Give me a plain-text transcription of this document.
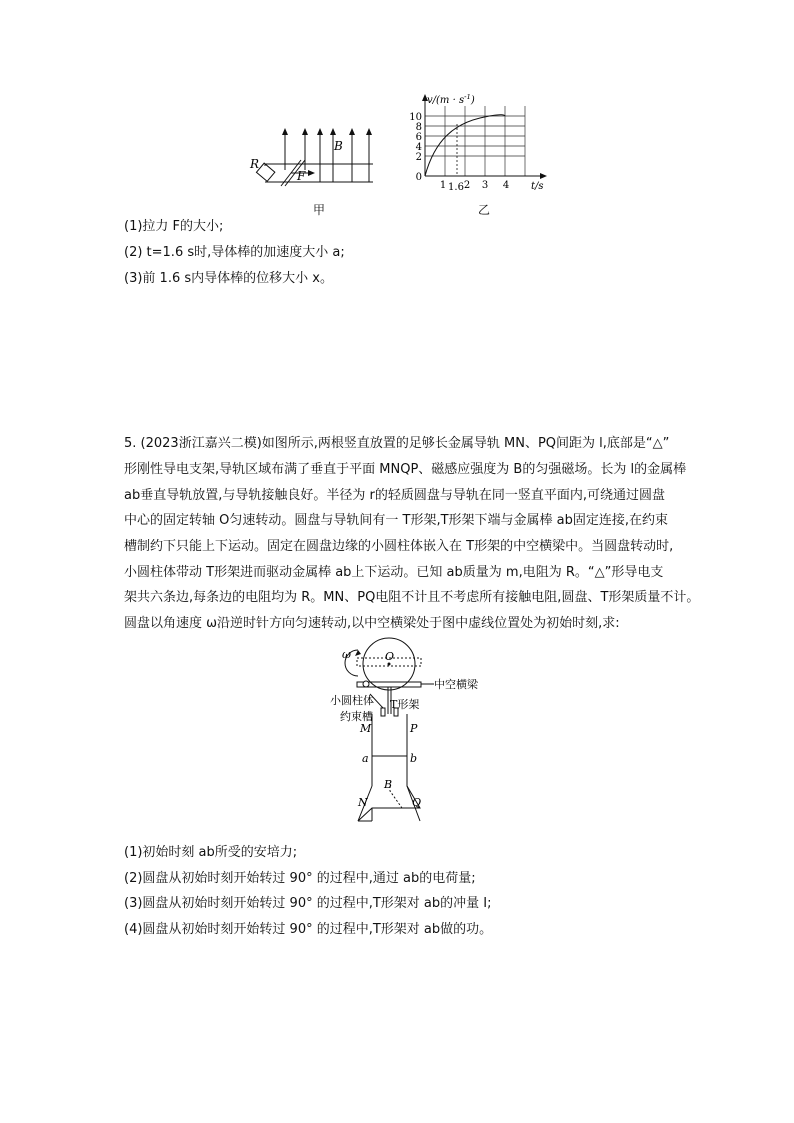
R
B
F
甲
$v/(m \cdot s^{-1})$
10
8
6
4
2
0
1 1.6 2 3 4 t/s
乙
(1)拉力 F的大小;
(2) t=1.6 s时,导体棒的加速度大小 a;
(3)前 1.6 s内导体棒的位移大小 x。
5. (2023浙江嘉兴二模)如图所示,两根竖直放置的足够长金属导轨 MN、PQ间距为 l,底部是“△”
形刚性导电支架,导轨区域布满了垂直于平面 MNQP、磁感应强度为 B的匀强磁场。长为 l的金属棒
ab垂直导轨放置,与导轨接触良好。半径为 r的轻质圆盘与导轨在同一竖直平面内,可绕通过圆盘
中心的固定转轴 O匀速转动。圆盘与导轨间有一 T形架,T形架下端与金属棒 ab固定连接,在约束
槽制约下只能上下运动。固定在圆盘边缘的小圆柱体嵌入在 T形架的中空横梁中。当圆盘转动时,
小圆柱体带动 T形架进而驱动金属棒 ab上下运动。已知 ab质量为 m,电阻为 R。“△”形导电支
架共六条边,每条边的电阻均为 R。MN、PQ电阻不计且不考虑所有接触电阻,圆盘、T形架质量不计。
圆盘以角速度 ω沿逆时针方向匀速转动,以中空横梁处于图中虚线位置处为初始时刻,求:
ω	O
中空横梁
小圆柱体
约束槽
T形架
M	P
a	b
B
N	Q
(1)初始时刻 ab所受的安培力;
(2)圆盘从初始时刻开始转过 90° 的过程中,通过 ab的电荷量;
(3)圆盘从初始时刻开始转过 90° 的过程中,T形架对 ab的冲量 I;
(4)圆盘从初始时刻开始转过 90° 的过程中,T形架对 ab做的功。
